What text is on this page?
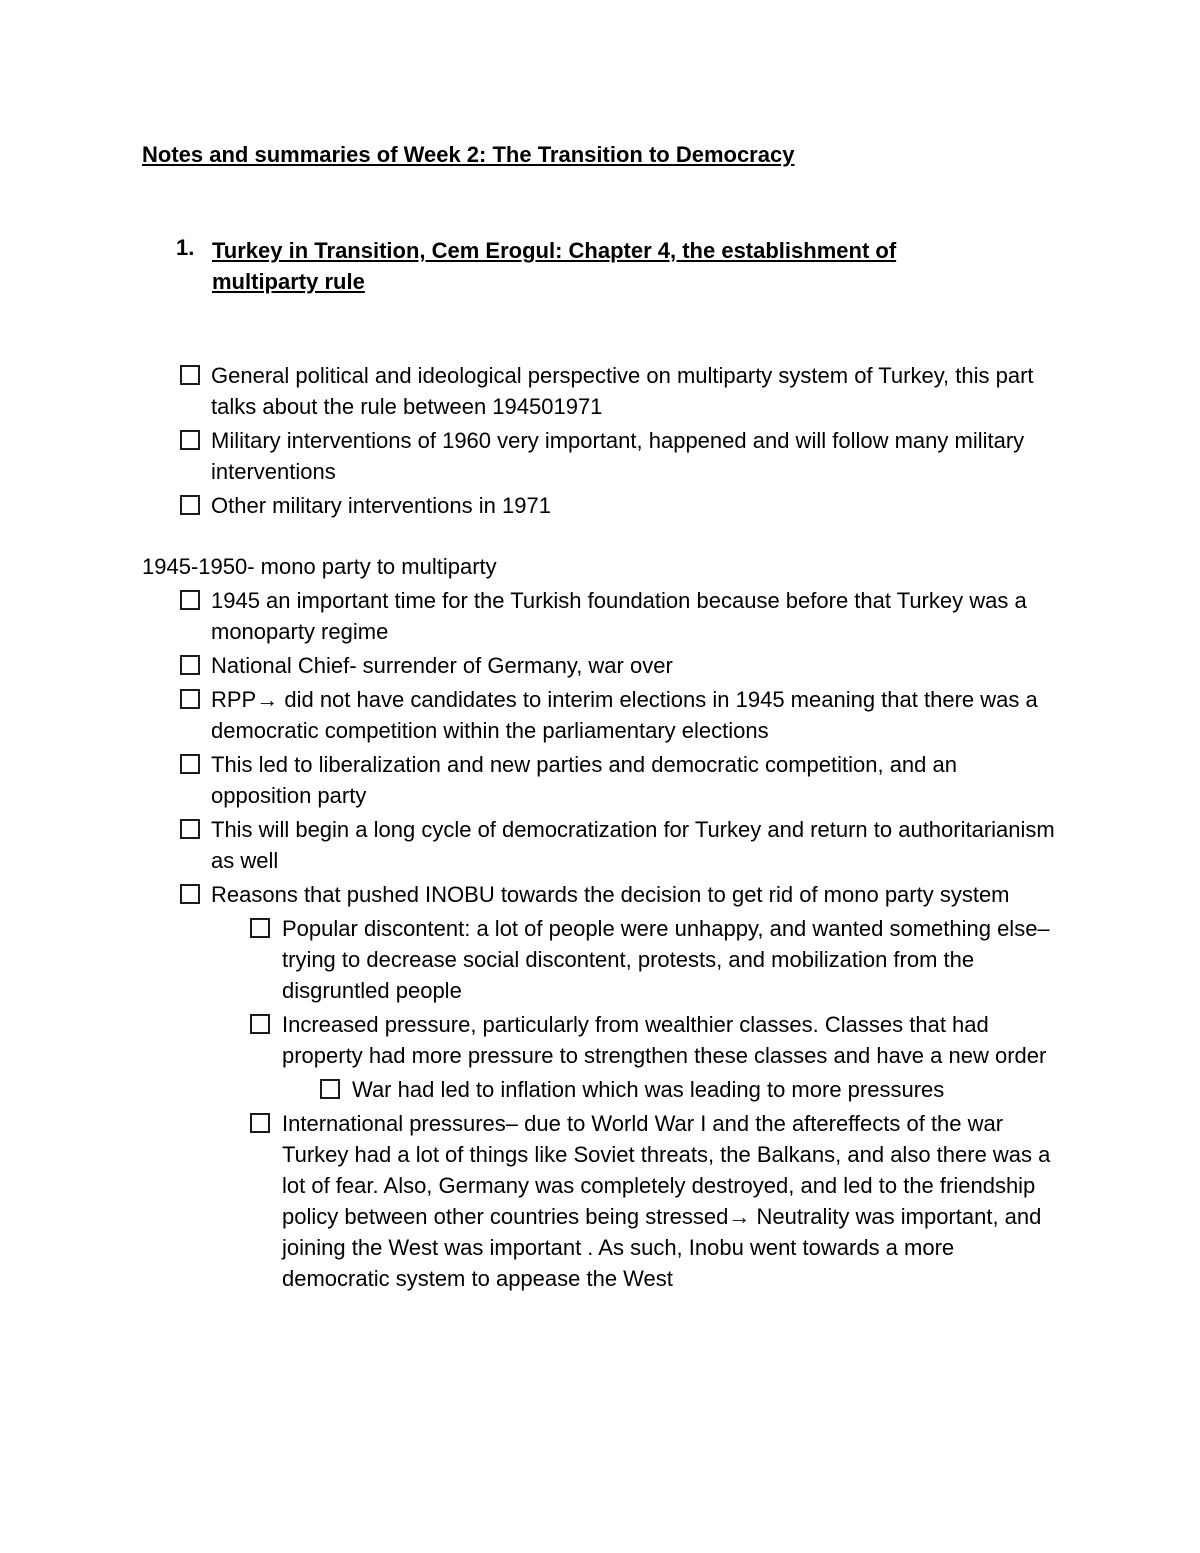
Notes and summaries of Week 2: The Transition to Democracy
1. Turkey in Transition, Cem Erogul: Chapter 4, the establishment of multiparty rule
General political and ideological perspective on multiparty system of Turkey, this part talks about the rule between 194501971
Military interventions of 1960 very important, happened and will follow many military interventions
Other military interventions in 1971
1945-1950- mono party to multiparty
1945 an important time for the Turkish foundation because before that Turkey was a monoparty regime
National Chief- surrender of Germany, war over
RPP→ did not have candidates to interim elections in 1945 meaning that there was a democratic competition within the parliamentary elections
This led to liberalization and new parties and democratic competition, and an opposition party
This will begin a long cycle of democratization for Turkey and return to authoritarianism as well
Reasons that pushed INOBU towards the decision to get rid of mono party system
Popular discontent: a lot of people were unhappy, and wanted something else– trying to decrease social discontent, protests, and mobilization from the disgruntled people
Increased pressure, particularly from wealthier classes. Classes that had property had more pressure to strengthen these classes and have a new order
War had led to inflation which was leading to more pressures
International pressures– due to World War I and the aftereffects of the war Turkey had a lot of things like Soviet threats, the Balkans, and also there was a lot of fear. Also, Germany was completely destroyed, and led to the friendship policy between other countries being stressed→ Neutrality was important, and joining the West was important . As such, Inobu went towards a more democratic system to appease the West
